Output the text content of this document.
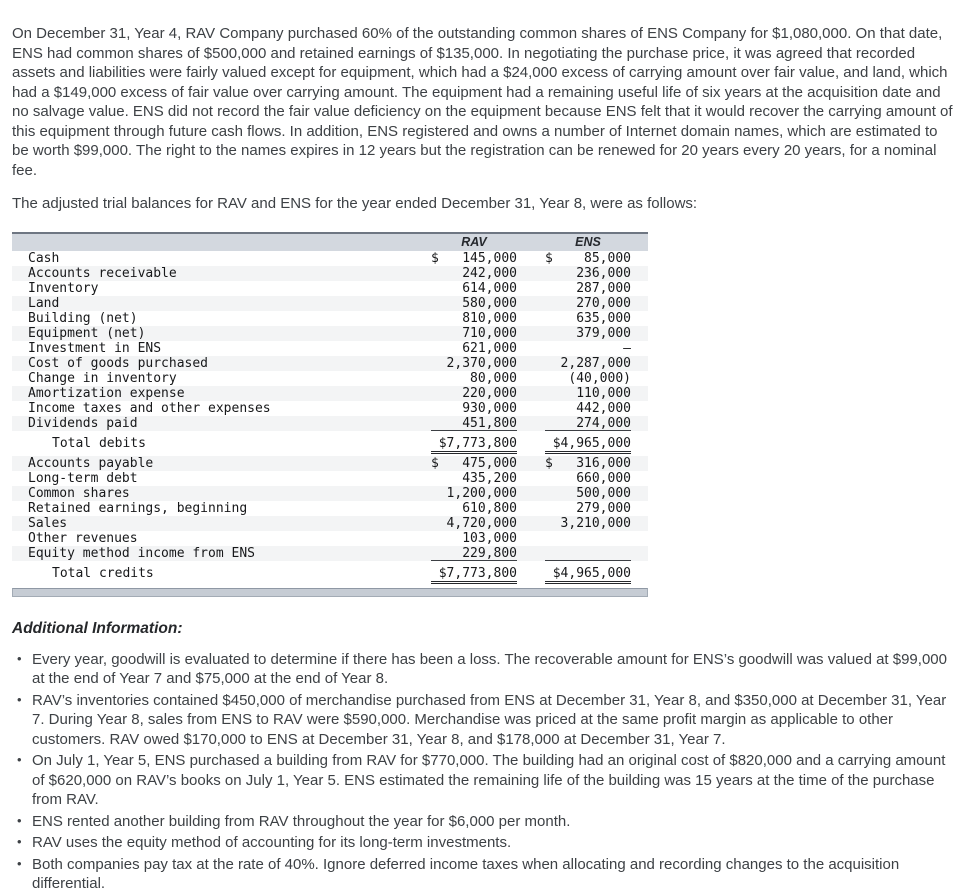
On December 31, Year 4, RAV Company purchased 60% of the outstanding common shares of ENS Company for $1,080,000. On that date, ENS had common shares of $500,000 and retained earnings of $135,000. In negotiating the purchase price, it was agreed that recorded assets and liabilities were fairly valued except for equipment, which had a $24,000 excess of carrying amount over fair value, and land, which had a $149,000 excess of fair value over carrying amount. The equipment had a remaining useful life of six years at the acquisition date and no salvage value. ENS did not record the fair value deficiency on the equipment because ENS felt that it would recover the carrying amount of this equipment through future cash flows. In addition, ENS registered and owns a number of Internet domain names, which are estimated to be worth $99,000. The right to the names expires in 12 years but the registration can be renewed for 20 years every 20 years, for a nominal fee.

The adjusted trial balances for RAV and ENS for the year ended December 31, Year 8, were as follows:

RAV	ENS
Cash	$ 145,000 $ 85,000
Accounts receivable	242,000	236,000
Inventory	614,000	287,000
Land	580,000	270,000
Building (net)	810,000	635,000
Equipment (net)	710,000	379,000
Investment in ENS	621,000	—
Cost of goods purchased	2,370,000	2,287,000
Change in inventory	80,000	(40,000)
Amortization expense	220,000	110,000
Income taxes and other expenses	930,000	442,000
Dividends paid	451,800	274,000
Total debits	$7,773,800	$4,965,000
Accounts payable	$ 475,000 $ 316,000
Long-term debt	435,200	660,000
Common shares	1,200,000	500,000
Retained earnings, beginning	610,800	279,000
Sales	4,720,000	3,210,000
Other revenues	103,000
Equity method income from ENS	229,800
Total credits	$7,773,800	$4,965,000
Additional Information:
• Every year, goodwill is evaluated to determine if there has been a loss. The recoverable amount for ENS’s goodwill was valued at $99,000 at the end of Year 7 and $75,000 at the end of Year 8.
• RAV’s inventories contained $450,000 of merchandise purchased from ENS at December 31, Year 8, and $350,000 at December 31, Year 7. During Year 8, sales from ENS to RAV were $590,000. Merchandise was priced at the same profit margin as applicable to other customers. RAV owed $170,000 to ENS at December 31, Year 8, and $178,000 at December 31, Year 7.
• On July 1, Year 5, ENS purchased a building from RAV for $770,000. The building had an original cost of $820,000 and a carrying amount of $620,000 on RAV’s books on July 1, Year 5. ENS estimated the remaining life of the building was 15 years at the time of the purchase from RAV.
• ENS rented another building from RAV throughout the year for $6,000 per month.
• RAV uses the equity method of accounting for its long-term investments.
• Both companies pay tax at the rate of 40%. Ignore deferred income taxes when allocating and recording changes to the acquisition differential.
